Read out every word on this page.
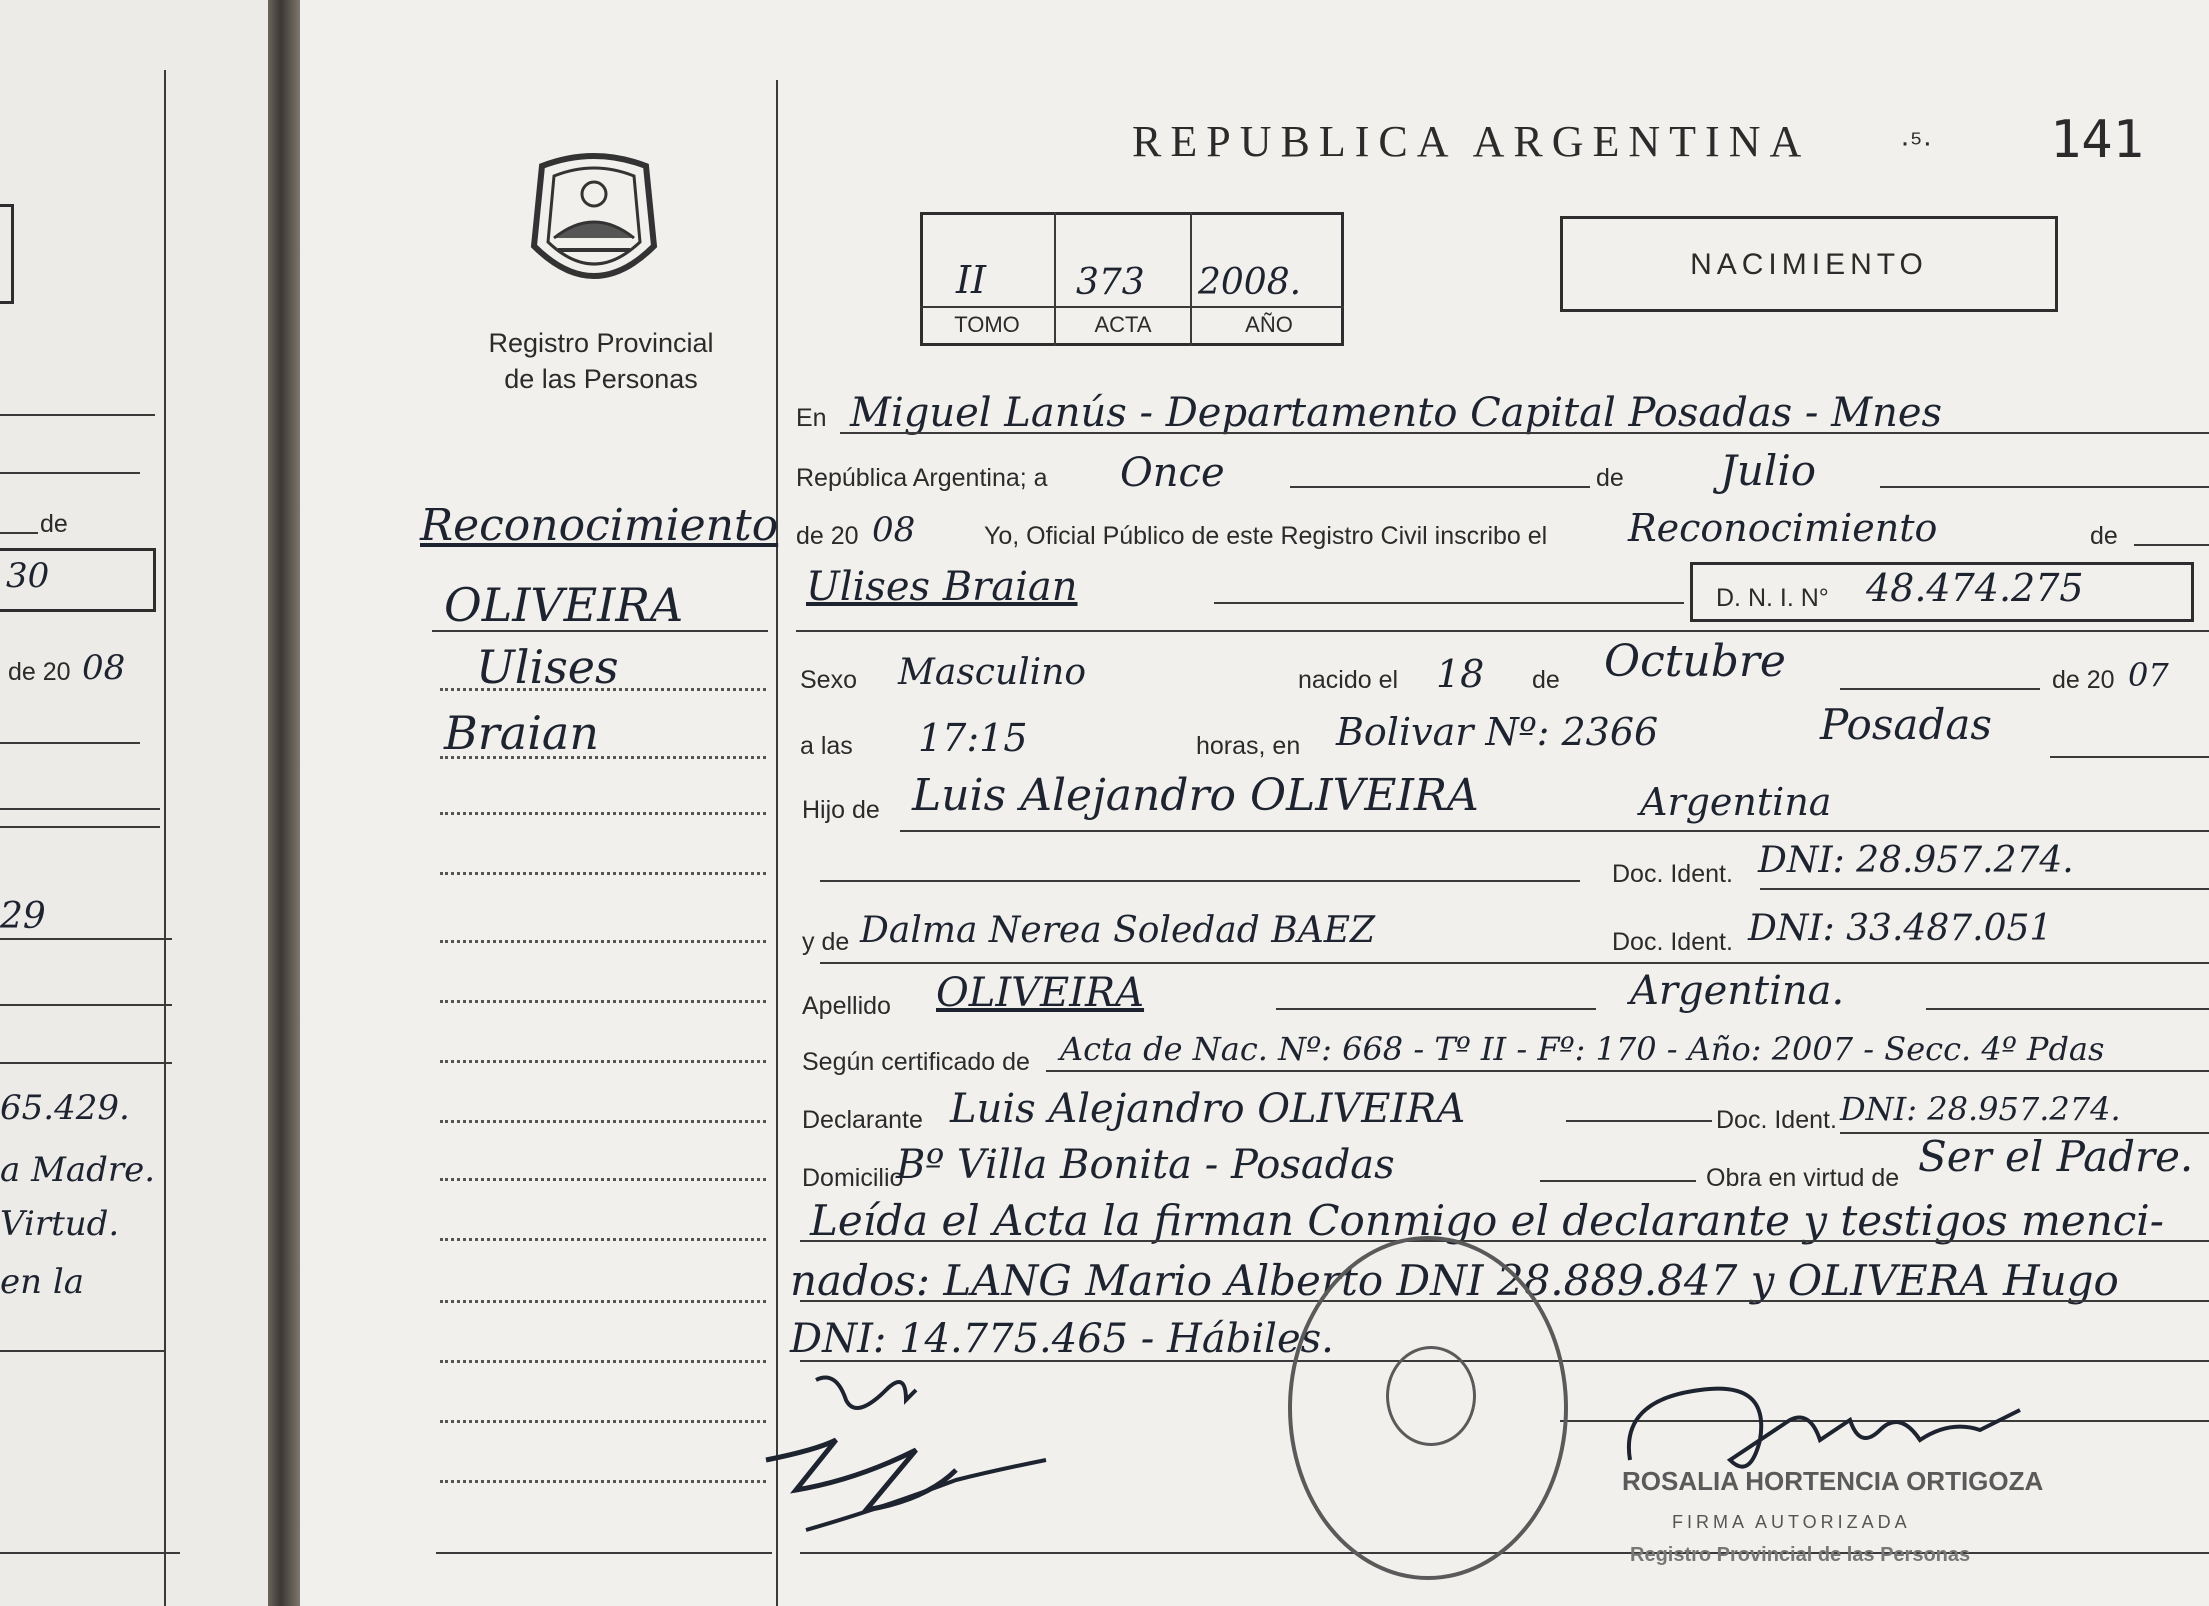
de
30
de 20 08
29
65.429.
a Madre.
Virtud.
en la
Registro Provincial
de las Personas
Reconocimiento
OLIVEIRA
Ulises
Braian
REPUBLICA ARGENTINA	·⁵· 141
II 373 2008.
TOMO	ACTA	AÑO
NACIMIENTO
En Miguel Lanús - Departamento Capital Posadas - Mnes
República Argentina; a Once	de Julio
de 20 08	Yo, Oficial Público de este Registro Civil inscribo el Reconocimiento	de
Ulises Braian	D. N. I. N° 48.474.275
Sexo Masculino	nacido el 18 de Octubre	de 20 07
a las 17:15	horas, en Bolivar Nº: 2366	Posadas
Hijo de Luis Alejandro OLIVEIRA	Argentina
Doc. Ident. DNI: 28.957.274.
y de Dalma Nerea Soledad BAEZ	Doc. Ident. DNI: 33.487.051
Apellido OLIVEIRA	Argentina.
Según certificado de Acta de Nac. Nº: 668 - Tº II - Fº: 170 - Año: 2007 - Secc. 4º Pdas
Declarante Luis Alejandro OLIVEIRA	Doc. Ident. DNI: 28.957.274.
Domicilio
Bº Villa Bonita - Posadas	Obra en virtud de Ser el Padre.
Leída el Acta la firman Conmigo el declarante y testigos menci-
nados: LANG Mario Alberto DNI 28.889.847 y OLIVERA Hugo
DNI: 14.775.465 - Hábiles.
ROSALIA HORTENCIA ORTIGOZA
FIRMA AUTORIZADA
Registro Provincial de las Personas
